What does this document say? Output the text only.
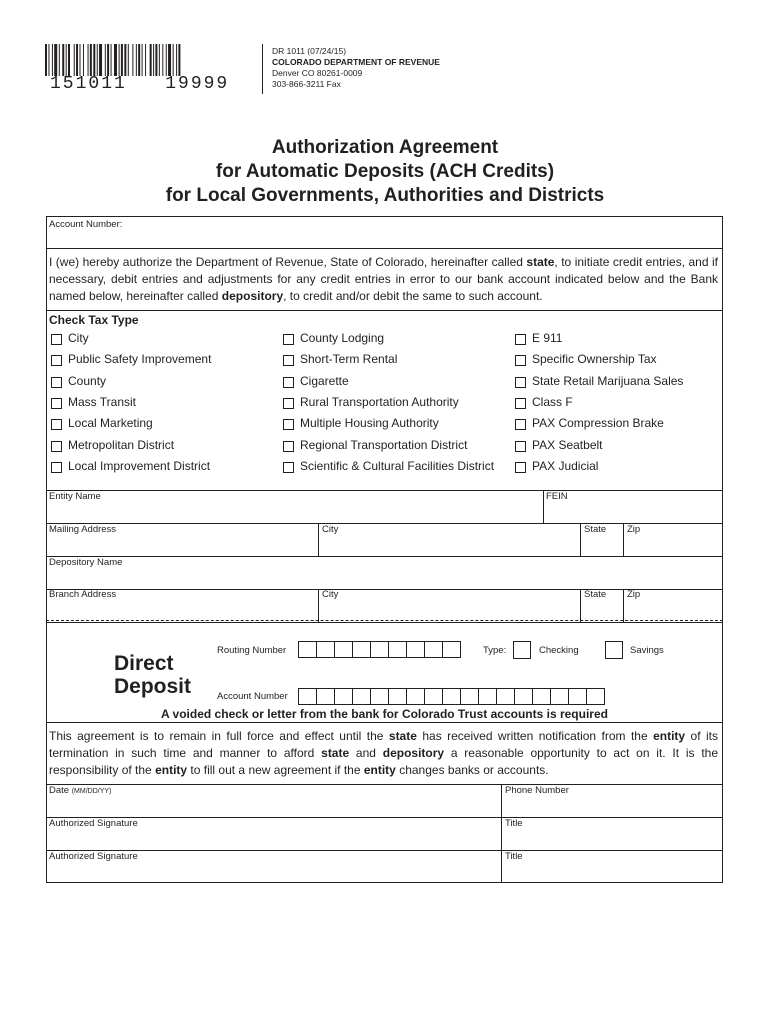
151011   19999
DR 1011 (07/24/15)
COLORADO DEPARTMENT OF REVENUE
Denver CO 80261-0009
303-866-3211 Fax
Authorization Agreement
for Automatic Deposits (ACH Credits)
for Local Governments, Authorities and Districts
Account Number:
I (we) hereby authorize the Department of Revenue, State of Colorado, hereinafter called state, to initiate credit entries, and if necessary, debit entries and adjustments for any credit entries in error to our bank account indicated below and the Bank named below, hereinafter called depository, to credit and/or debit the same to such account.
Check Tax Type
City
Public Safety Improvement
County
Mass Transit
Local Marketing
Metropolitan District
Local Improvement District
County Lodging
Short-Term Rental
Cigarette
Rural Transportation Authority
Multiple Housing Authority
Regional Transportation District
Scientific & Cultural Facilities District
E 911
Specific Ownership Tax
State Retail Marijuana Sales
Class F
PAX Compression Brake
PAX Seatbelt
PAX Judicial
Entity Name	FEIN
Mailing Address	City	State Zip
Depository Name
Branch Address	City	State Zip
Direct
Deposit
Routing Number	Type:	Checking	Savings
Account Number
A voided check or letter from the bank for Colorado Trust accounts is required
This agreement is to remain in full force and effect until the state has received written notification from the entity of its termination in such time and manner to afford state and depository a reasonable opportunity to act on it. It is the responsibility of the entity to fill out a new agreement if the entity changes banks or accounts.
Date (MM/DD/YY)	Phone Number
Authorized Signature	Title
Authorized Signature	Title
